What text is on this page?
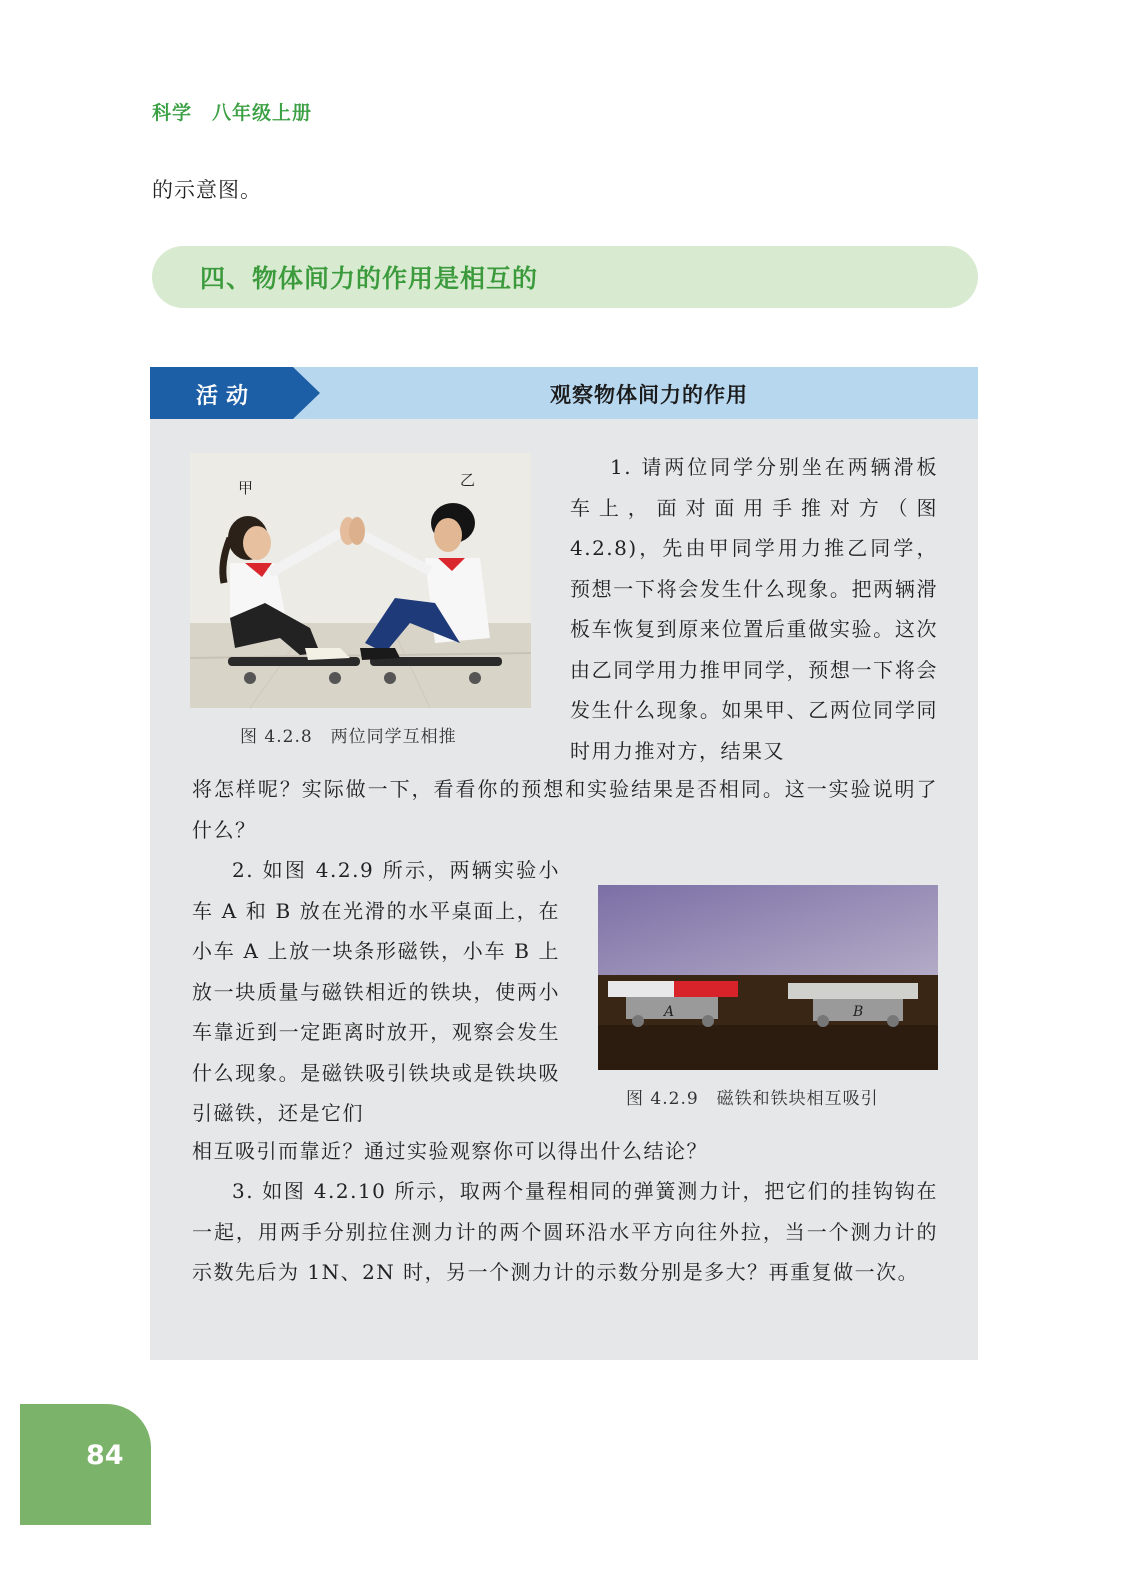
科学 八年级上册
的示意图。
四、物体间力的作用是相互的
活动	观察物体间力的作用
甲	乙
图 4.2.8　两位同学互相推

1. 请两位同学分别坐在两辆滑板车上，面对面用手推对方（图4.2.8)，先由甲同学用力推乙同学，预想一下将会发生什么现象。把两辆滑板车恢复到原来位置后重做实验。这次由乙同学用力推甲同学，预想一下将会发生什么现象。如果甲、乙两位同学同时用力推对方，结果又

将怎样呢？实际做一下，看看你的预想和实验结果是否相同。这一实验说明了什么？

2. 如图 4.2.9 所示，两辆实验小车 A 和 B 放在光滑的水平桌面上，在小车 A 上放一块条形磁铁，小车 B 上放一块质量与磁铁相近的铁块，使两小车靠近到一定距离时放开，观察会发生什么现象。是磁铁吸引铁块或是铁块吸引磁铁，还是它们

A	B
图 4.2.9　磁铁和铁块相互吸引

相互吸引而靠近？通过实验观察你可以得出什么结论？

3. 如图 4.2.10 所示，取两个量程相同的弹簧测力计，把它们的挂钩钩在一起，用两手分别拉住测力计的两个圆环沿水平方向往外拉，当一个测力计的示数先后为 1N、2N 时，另一个测力计的示数分别是多大？再重复做一次。

84
